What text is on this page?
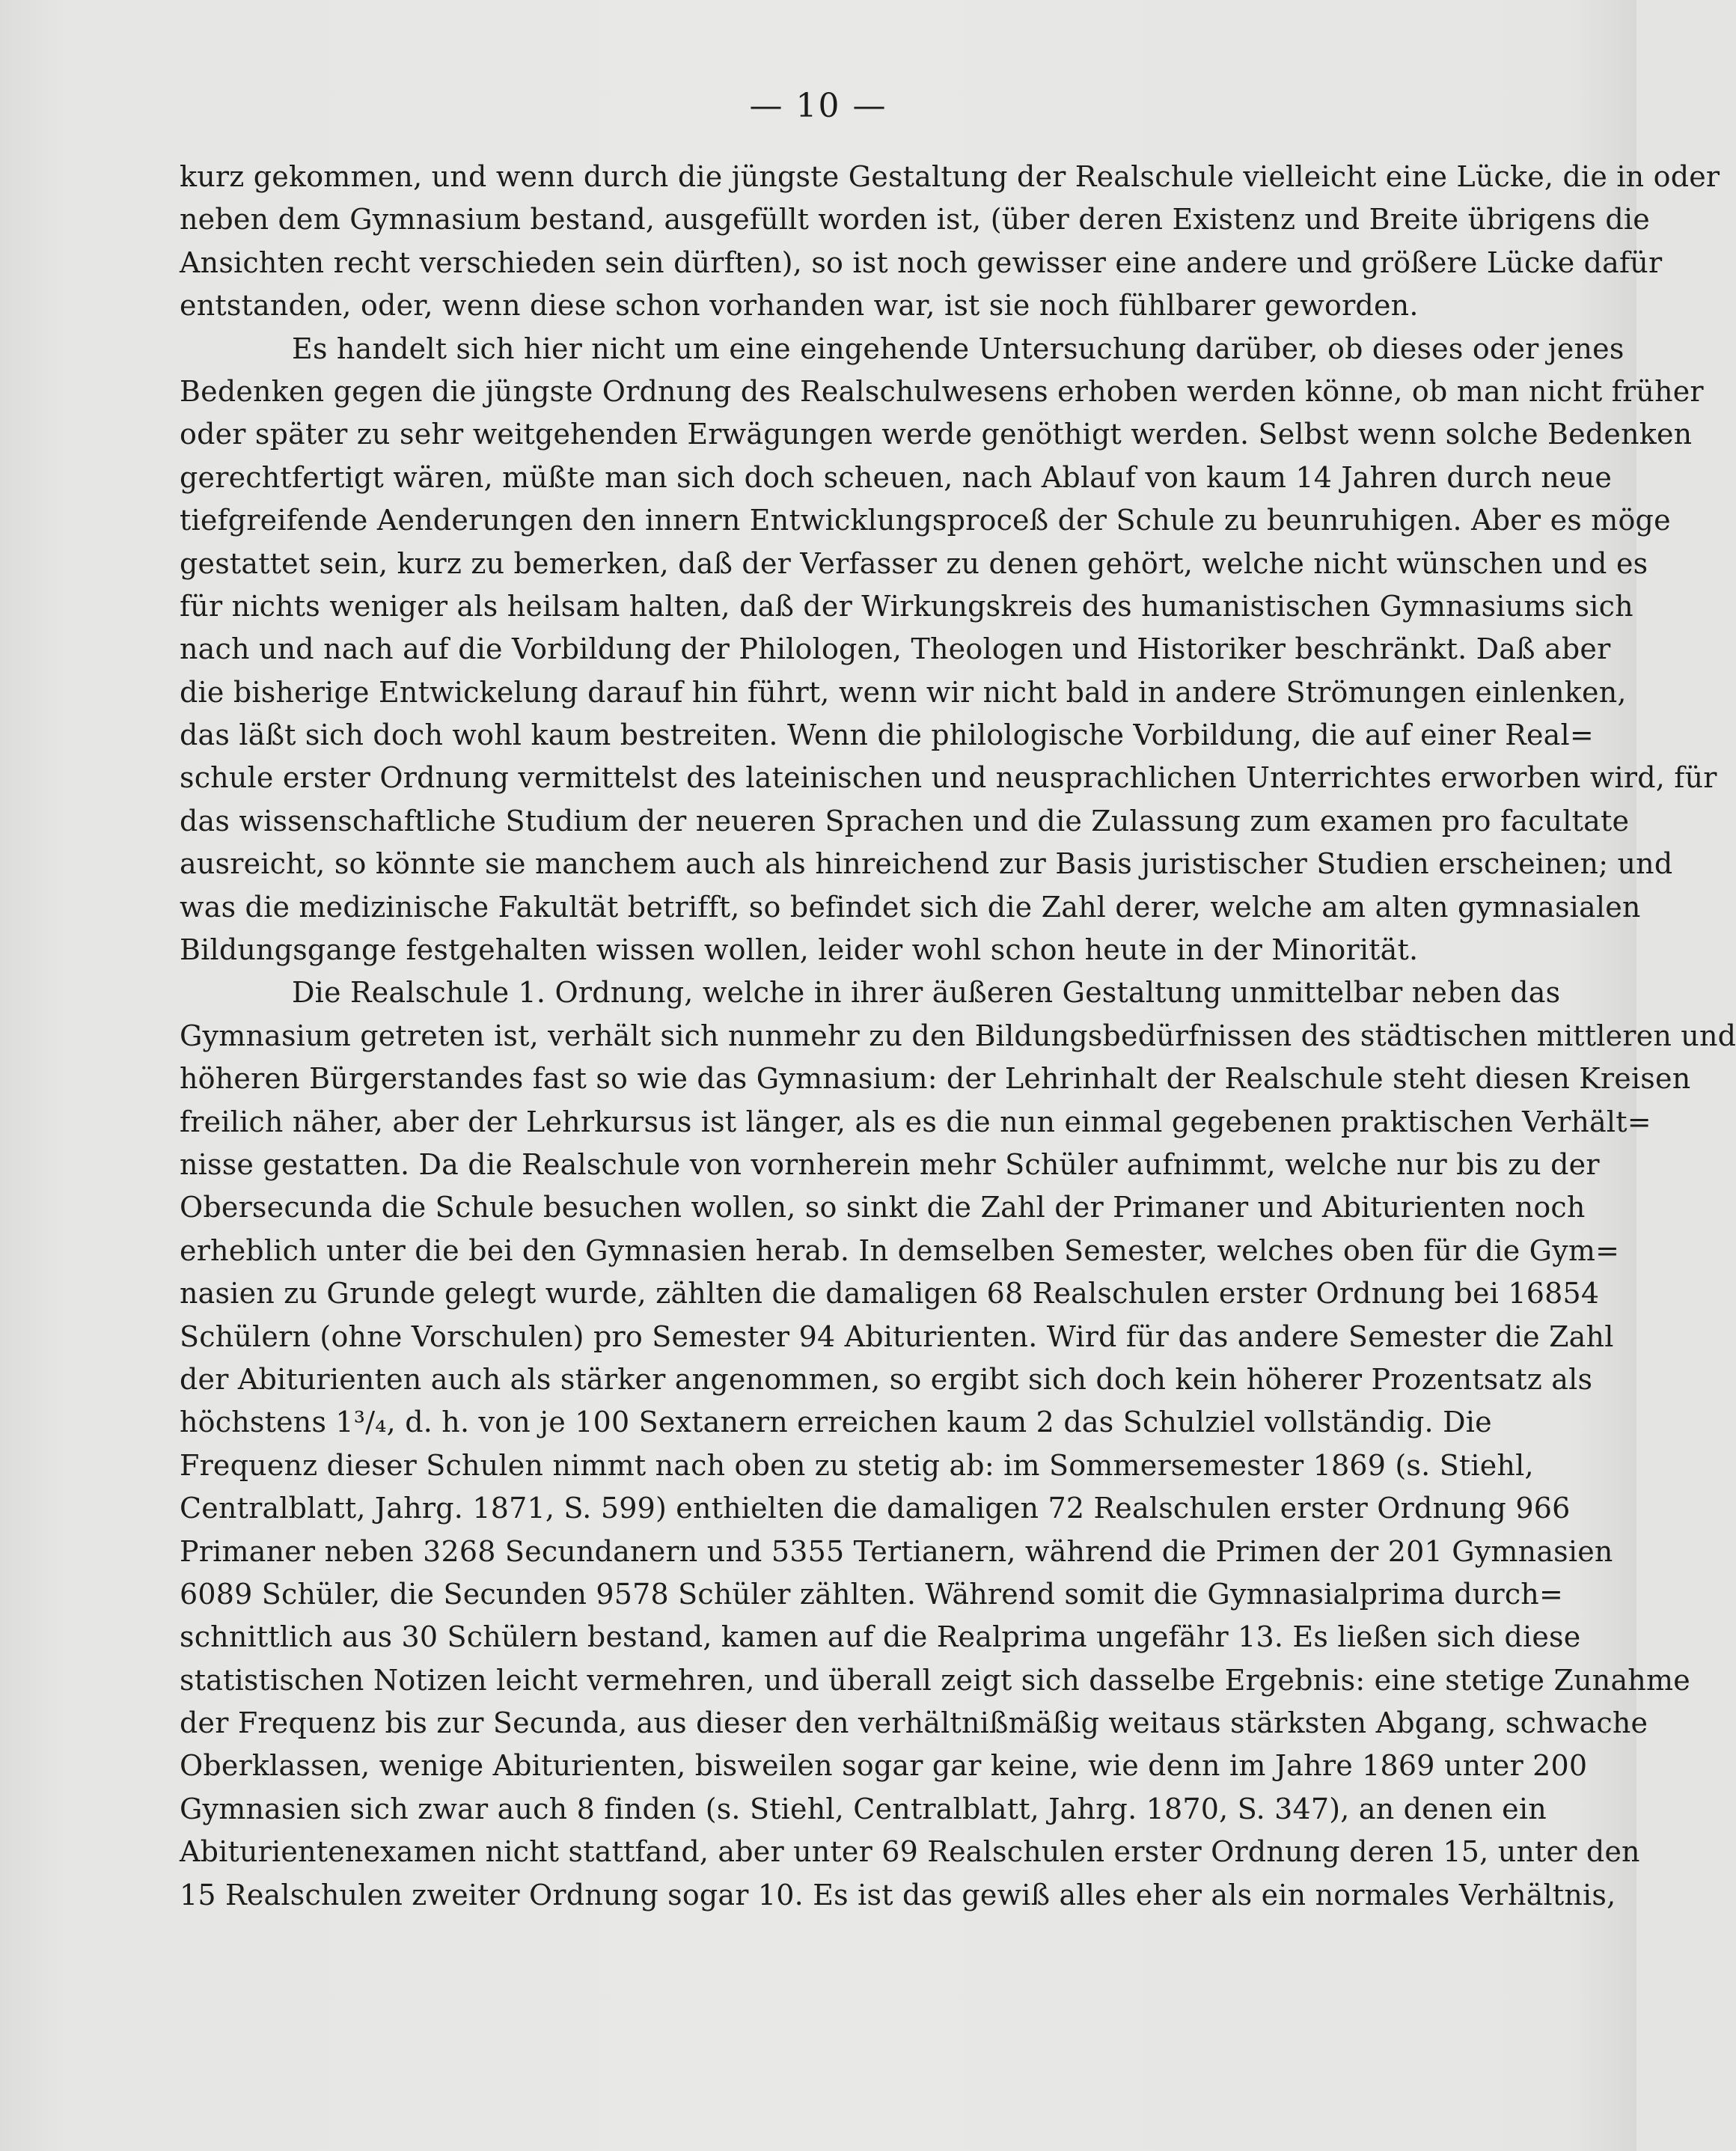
— 10 —
kurz gekommen, und wenn durch die jüngste Gestaltung der Realschule vielleicht eine Lücke, die in oder
neben dem Gymnasium bestand, ausgefüllt worden ist, (über deren Existenz und Breite übrigens die
Ansichten recht verschieden sein dürften), so ist noch gewisser eine andere und größere Lücke dafür
entstanden, oder, wenn diese schon vorhanden war, ist sie noch fühlbarer geworden.
Es handelt sich hier nicht um eine eingehende Untersuchung darüber, ob dieses oder jenes
Bedenken gegen die jüngste Ordnung des Realschulwesens erhoben werden könne, ob man nicht früher
oder später zu sehr weitgehenden Erwägungen werde genöthigt werden. Selbst wenn solche Bedenken
gerechtfertigt wären, müßte man sich doch scheuen, nach Ablauf von kaum 14 Jahren durch neue
tiefgreifende Aenderungen den innern Entwicklungsproceß der Schule zu beunruhigen. Aber es möge
gestattet sein, kurz zu bemerken, daß der Verfasser zu denen gehört, welche nicht wünschen und es
für nichts weniger als heilsam halten, daß der Wirkungskreis des humanistischen Gymnasiums sich
nach und nach auf die Vorbildung der Philologen, Theologen und Historiker beschränkt. Daß aber
die bisherige Entwickelung darauf hin führt, wenn wir nicht bald in andere Strömungen einlenken,
das läßt sich doch wohl kaum bestreiten. Wenn die philologische Vorbildung, die auf einer Real=
schule erster Ordnung vermittelst des lateinischen und neusprachlichen Unterrichtes erworben wird, für
das wissenschaftliche Studium der neueren Sprachen und die Zulassung zum examen pro facultate
ausreicht, so könnte sie manchem auch als hinreichend zur Basis juristischer Studien erscheinen; und
was die medizinische Fakultät betrifft, so befindet sich die Zahl derer, welche am alten gymnasialen
Bildungsgange festgehalten wissen wollen, leider wohl schon heute in der Minorität.
Die Realschule 1. Ordnung, welche in ihrer äußeren Gestaltung unmittelbar neben das
Gymnasium getreten ist, verhält sich nunmehr zu den Bildungsbedürfnissen des städtischen mittleren und
höheren Bürgerstandes fast so wie das Gymnasium: der Lehrinhalt der Realschule steht diesen Kreisen
freilich näher, aber der Lehrkursus ist länger, als es die nun einmal gegebenen praktischen Verhält=
nisse gestatten. Da die Realschule von vornherein mehr Schüler aufnimmt, welche nur bis zu der
Obersecunda die Schule besuchen wollen, so sinkt die Zahl der Primaner und Abiturienten noch
erheblich unter die bei den Gymnasien herab. In demselben Semester, welches oben für die Gym=
nasien zu Grunde gelegt wurde, zählten die damaligen 68 Realschulen erster Ordnung bei 16854
Schülern (ohne Vorschulen) pro Semester 94 Abiturienten. Wird für das andere Semester die Zahl
der Abiturienten auch als stärker angenommen, so ergibt sich doch kein höherer Prozentsatz als
höchstens 1³/₄, d. h. von je 100 Sextanern erreichen kaum 2 das Schulziel vollständig. Die
Frequenz dieser Schulen nimmt nach oben zu stetig ab: im Sommersemester 1869 (s. Stiehl,
Centralblatt, Jahrg. 1871, S. 599) enthielten die damaligen 72 Realschulen erster Ordnung 966
Primaner neben 3268 Secundanern und 5355 Tertianern, während die Primen der 201 Gymnasien
6089 Schüler, die Secunden 9578 Schüler zählten. Während somit die Gymnasialprima durch=
schnittlich aus 30 Schülern bestand, kamen auf die Realprima ungefähr 13. Es ließen sich diese
statistischen Notizen leicht vermehren, und überall zeigt sich dasselbe Ergebnis: eine stetige Zunahme
der Frequenz bis zur Secunda, aus dieser den verhältnißmäßig weitaus stärksten Abgang, schwache
Oberklassen, wenige Abiturienten, bisweilen sogar gar keine, wie denn im Jahre 1869 unter 200
Gymnasien sich zwar auch 8 finden (s. Stiehl, Centralblatt, Jahrg. 1870, S. 347), an denen ein
Abiturientenexamen nicht stattfand, aber unter 69 Realschulen erster Ordnung deren 15, unter den
15 Realschulen zweiter Ordnung sogar 10. Es ist das gewiß alles eher als ein normales Verhältnis,
